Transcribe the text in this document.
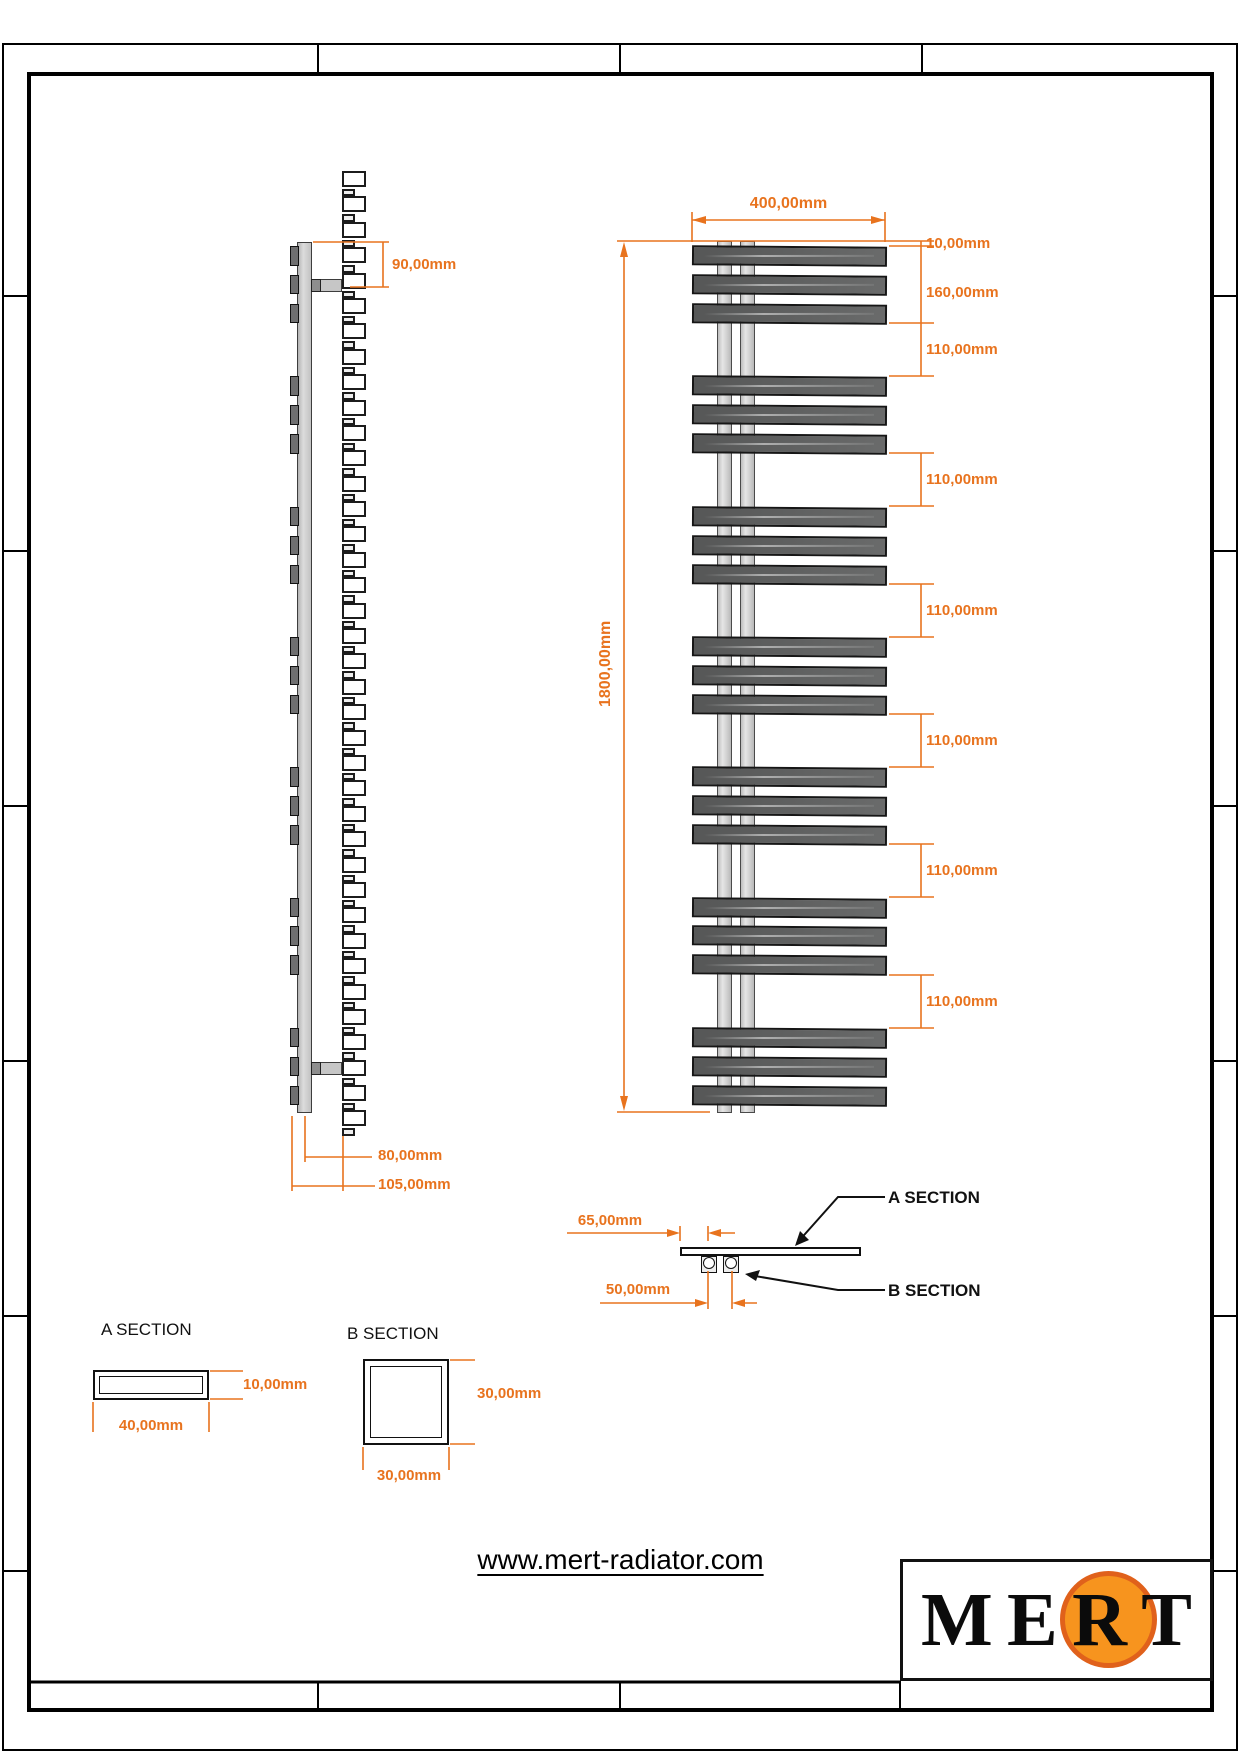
400,00mm
1800,00mm
10,00mm
160,00mm
110,00mm
110,00mm
110,00mm
110,00mm
110,00mm
110,00mm
90,00mm
80,00mm
105,00mm
65,00mm
50,00mm
A SECTION
B SECTION
A SECTION
10,00mm
40,00mm
B SECTION
30,00mm
30,00mm
www.mert-radiator.com
M E R T
